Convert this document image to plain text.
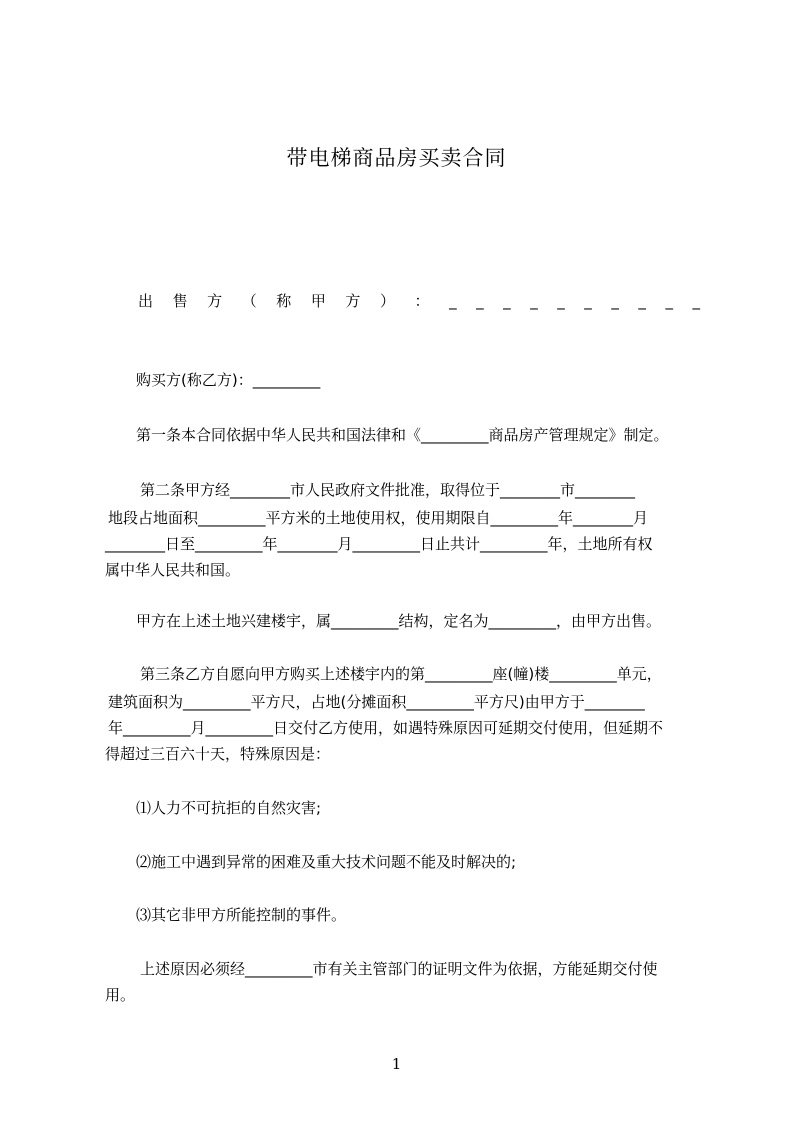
带电梯商品房买卖合同
出 售 方 （ 称 甲 方 ） ： _ _ _ _ _ _ _ _ _ _
购买方(称乙方)：_________
第一条本合同依据中华人民共和国法律和《_________商品房产管理规定》制定。
第二条甲方经________市人民政府文件批准，取得位于________市________
地段占地面积_________平方米的土地使用权，使用期限自_________年________月
________日至_________年________月_________日止共计_________年，土地所有权
属中华人民共和国。
甲方在上述土地兴建楼宇，属_________结构，定名为_________，由甲方出售。
第三条乙方自愿向甲方购买上述楼宇内的第_________座(幢)楼_________单元，
建筑面积为_________平方尺，占地(分摊面积_________平方尺)由甲方于________
年_________月_________日交付乙方使用，如遇特殊原因可延期交付使用，但延期不
得超过三百六十天，特殊原因是：
⑴人力不可抗拒的自然灾害;
⑵施工中遇到异常的困难及重大技术问题不能及时解决的;
⑶其它非甲方所能控制的事件。
上述原因必须经_________市有关主管部门的证明文件为依据，方能延期交付使
用。
1
